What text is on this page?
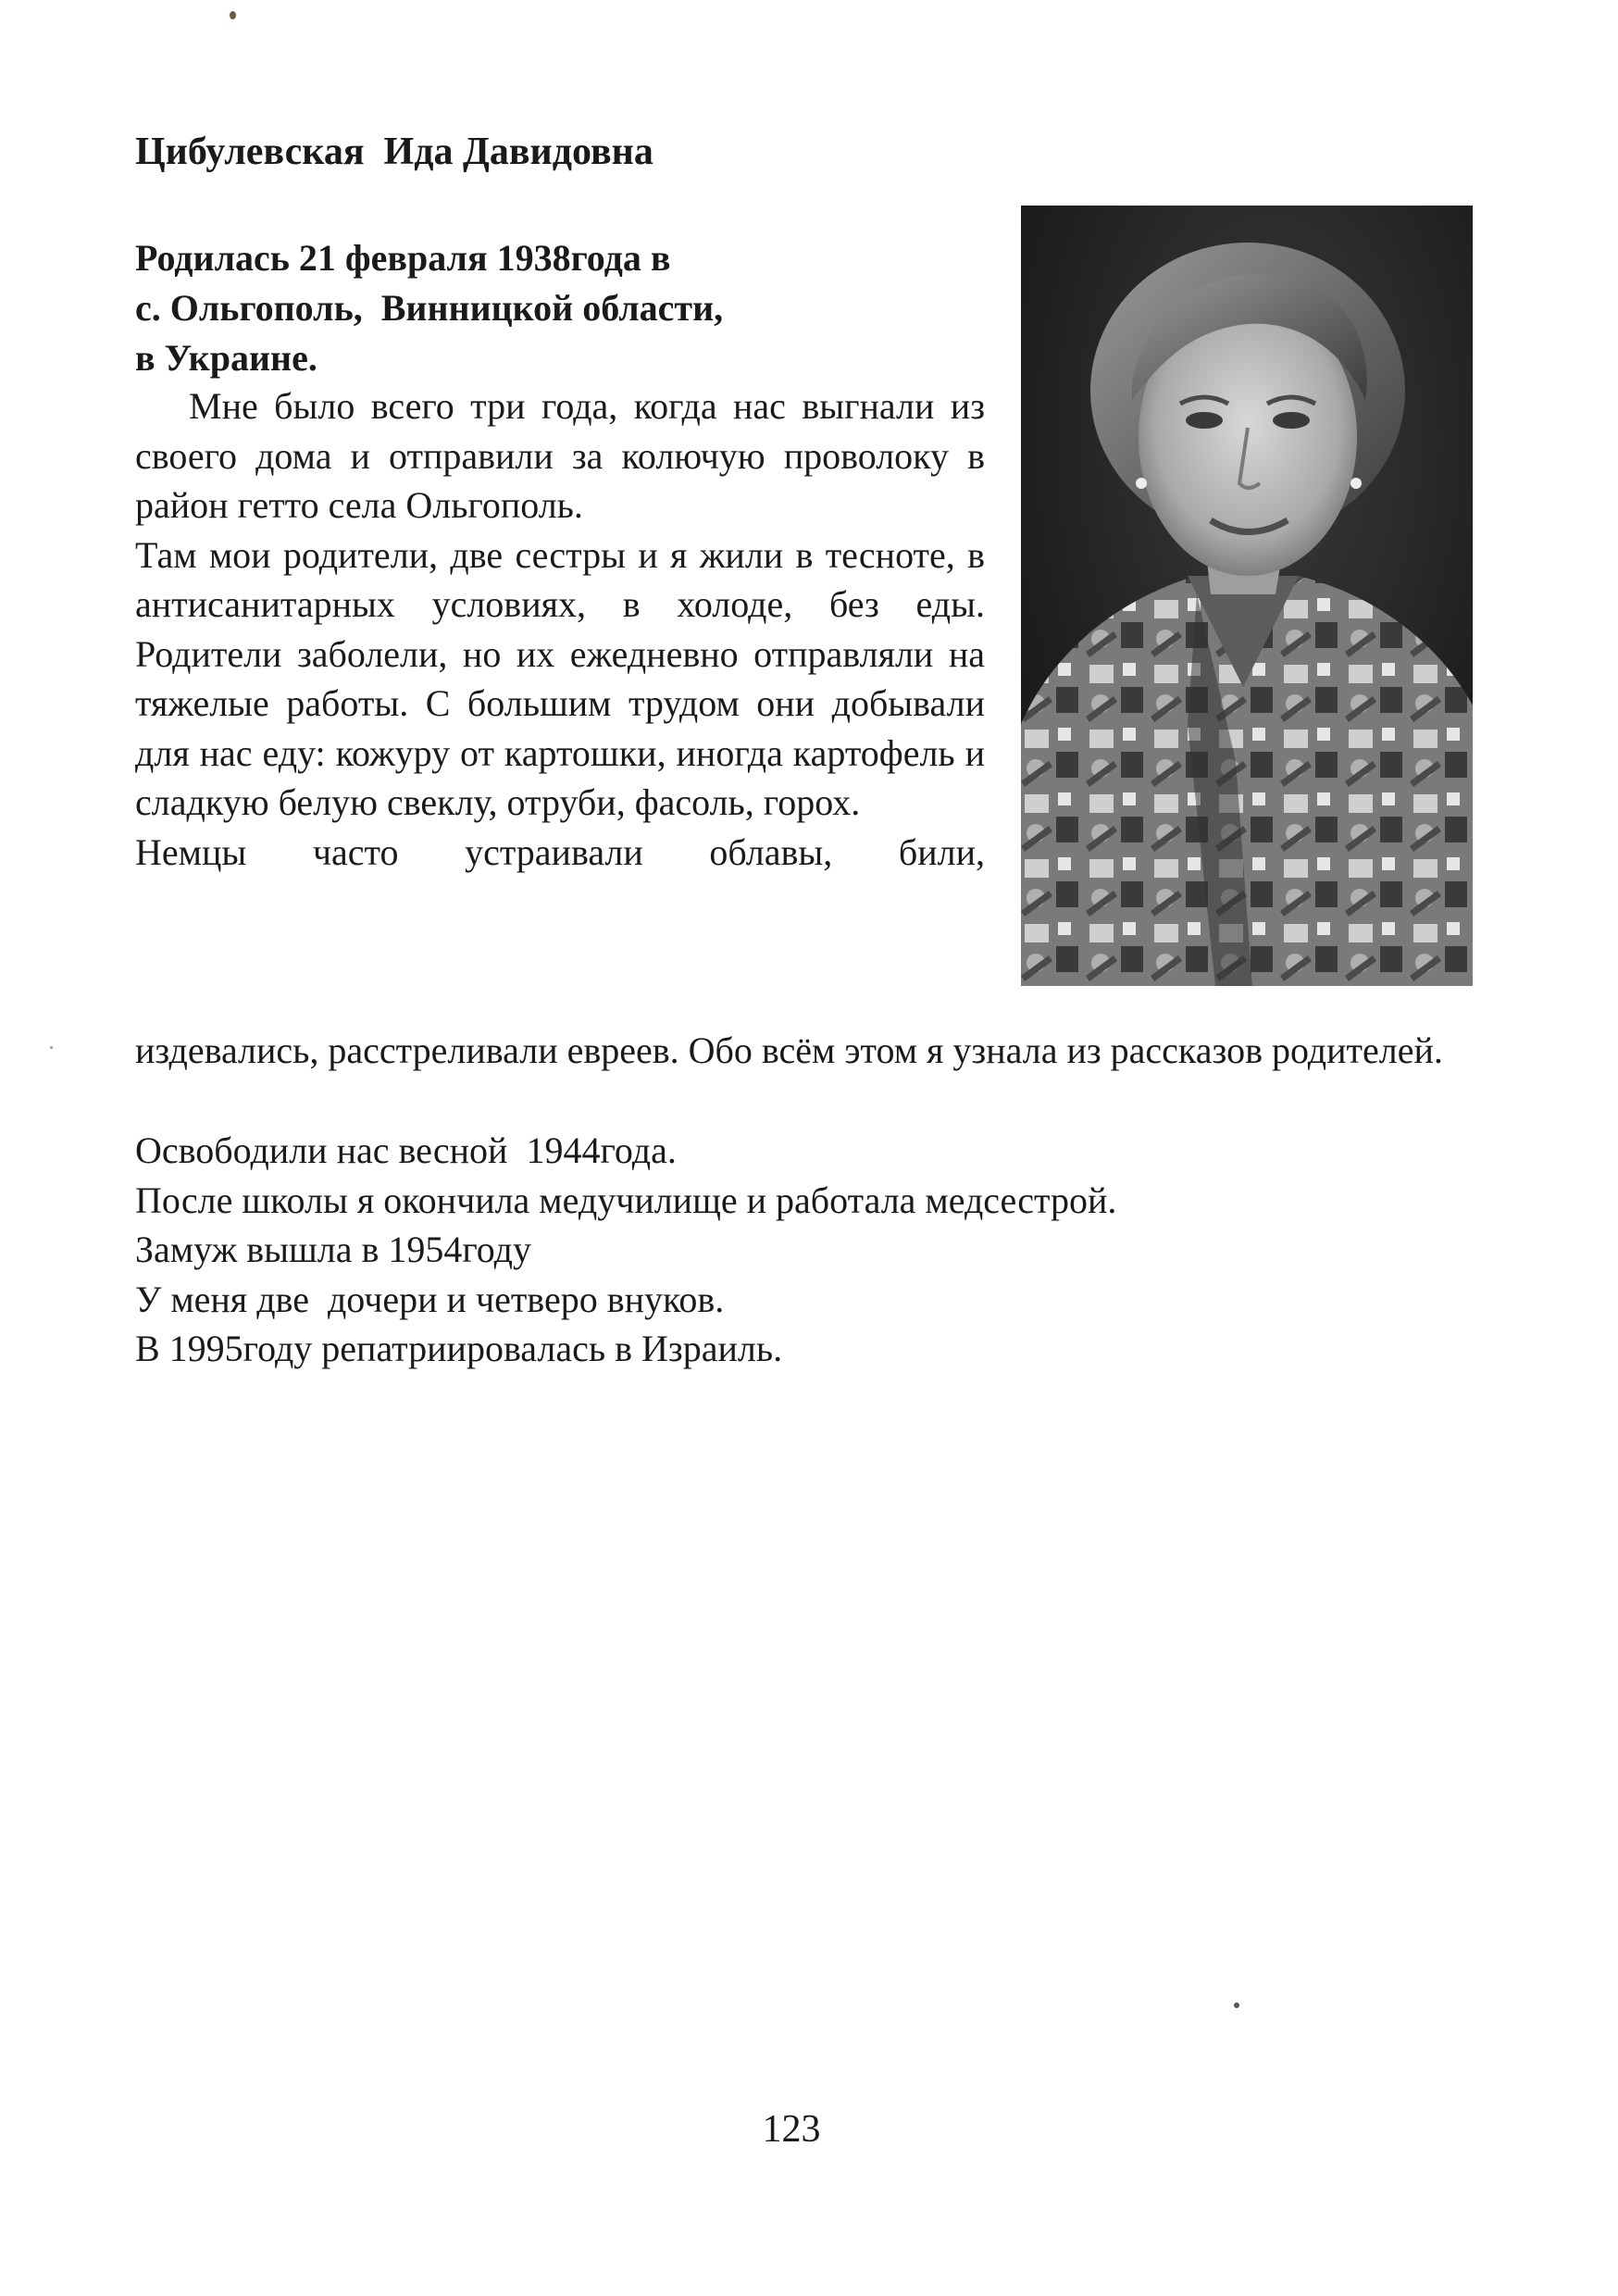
Цибулевская  Ида Давидовна
Родилась 21 февраля 1938года в
с. Ольгополь,  Винницкой области,
в Украине.

Мне было всего три года, когда нас выгнали из своего дома и отправили за колючую проволоку в район гетто села Ольгополь.

Там мои родители, две сестры и я жили в тесноте, в антисанитарных условиях, в холоде, без еды. Родители заболели, но их ежедневно отправляли на тяжелые работы. С большим трудом они добывали для нас еду: кожуру от картошки, иногда картофель и сладкую белую свеклу, отруби, фасоль, горох.

Немцы часто устраивали облавы, били,

издевались, расстреливали евреев. Обо всём этом я узнала из рассказов родителей.

Освободили нас весной  1944года.

После школы я окончила медучилище и работала медсестрой.

Замуж вышла в 1954году

У меня две  дочери и четверо внуков.

В 1995году репатриировалась в Израиль.

123
